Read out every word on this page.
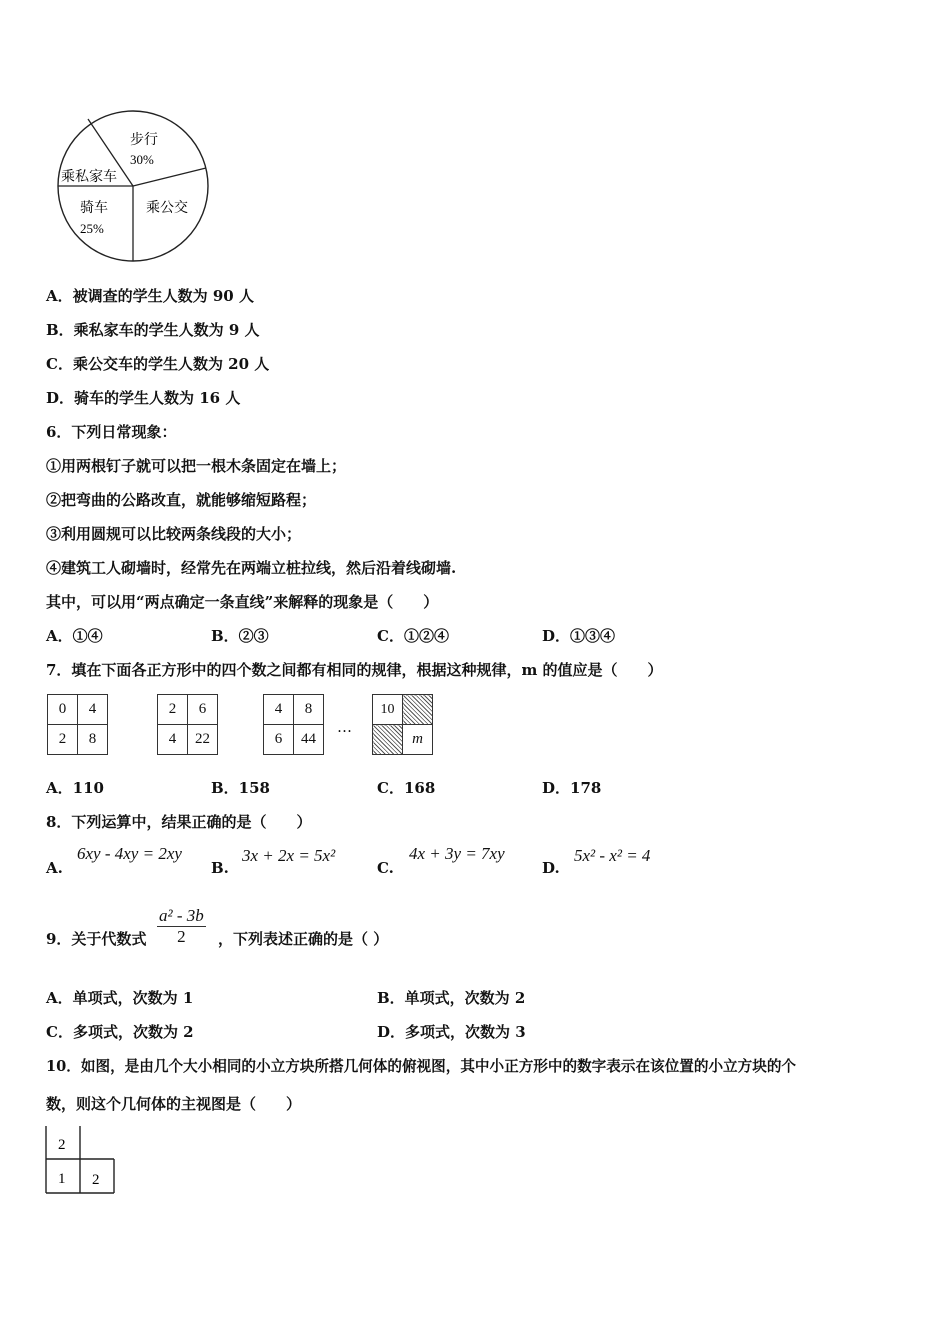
步行
30%
乘私家车
骑车
25%
乘公交
A．被调查的学生人数为 90 人
B．乘私家车的学生人数为 9 人
C．乘公交车的学生人数为 20 人
D．骑车的学生人数为 16 人
6．下列日常现象：
①用两根钉子就可以把一根木条固定在墙上；
②把弯曲的公路改直，就能够缩短路程；
③利用圆规可以比较两条线段的大小；
④建筑工人砌墙时，经常先在两端立桩拉线，然后沿着线砌墙.
其中，可以用“两点确定一条直线”来解释的现象是（　　）
A．①④	B．②③	C．①②④	D．①③④
7．填在下面各正方形中的四个数之间都有相同的规律，根据这种规律，m 的值应是（　　）
0	4
2	8
2	6
4	22
4	8
6	44
…
10	
	m
A．110	B．158	C．168	D．178
8．下列运算中，结果正确的是（　　）
A.
6xy - 4xy = 2xy
B.
3x + 2x = 5x²
C.
4x + 3y = 7xy
D.
5x² - x² = 4
9．关于代数式 $\frac{\text{a² - 3b}}{2}$ ，下列表述正确的是（ ）
A．单项式，次数为 1	B．单项式，次数为 2
C．多项式，次数为 2	D．多项式，次数为 3
10．如图，是由几个大小相同的小立方块所搭几何体的俯视图，其中小正方形中的数字表示在该位置的小立方块的个
数，则这个几何体的主视图是（　　）
2
1 2
